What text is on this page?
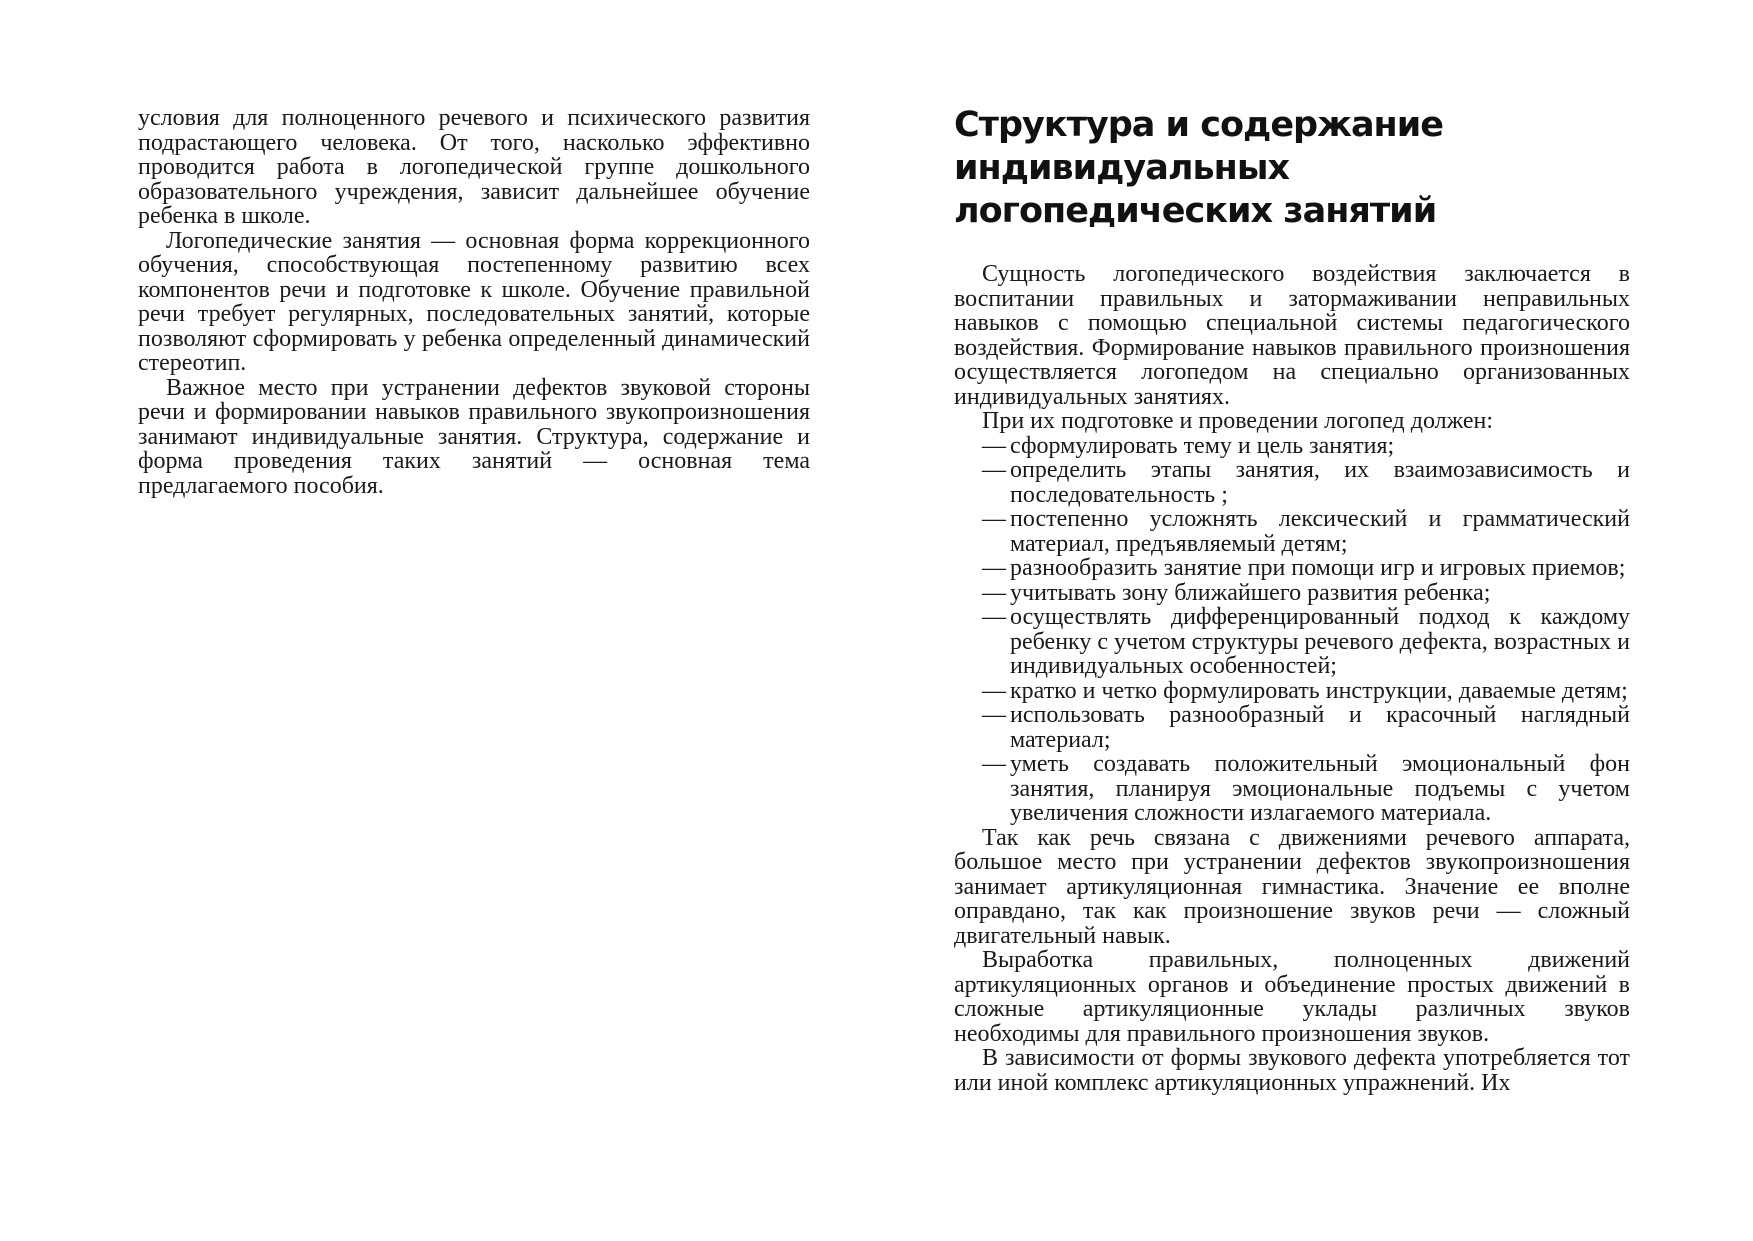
условия для полноценного речевого и психического развития подрастающего человека. От того, насколько эффективно проводится работа в логопедической группе дошкольного образовательного учреждения, зависит дальнейшее обучение ребенка в школе.

Логопедические занятия — основная форма коррекционного обучения, способствующая постепенному развитию всех компонентов речи и подготовке к школе. Обучение правильной речи требует регулярных, последовательных занятий, которые позволяют сформировать у ребенка определенный динамический стереотип.

Важное место при устранении дефектов звуковой стороны речи и формировании навыков правильного звукопроизношения занимают индивидуальные занятия. Структура, содержание и форма проведения таких занятий — основная тема предлагаемого пособия.

Структура и содержание
индивидуальных
логопедических занятий

Сущность логопедического воздействия заключается в воспитании правильных и затормаживании неправильных навыков с помощью специальной системы педагогического воздействия. Формирование навыков правильного произношения осуществляется логопедом на специально организованных индивидуальных занятиях.

При их подготовке и проведении логопед должен:

— сформулировать тему и цель занятия;
— определить этапы занятия, их взаимозависимость и последовательность ;
— постепенно усложнять лексический и грамматический материал, предъявляемый детям;
— разнообразить занятие при помощи игр и игровых приемов;
— учитывать зону ближайшего развития ребенка;
— осуществлять дифференцированный подход к каждому ребенку с учетом структуры речевого дефекта, возрастных и индивидуальных особенностей;
— кратко и четко формулировать инструкции, даваемые детям;
— использовать разнообразный и красочный наглядный материал;
— уметь создавать положительный эмоциональный фон занятия, планируя эмоциональные подъемы с учетом увеличения сложности излагаемого материала.

Так как речь связана с движениями речевого аппарата, большое место при устранении дефектов звукопроизношения занимает артикуляционная гимнастика. Значение ее вполне оправдано, так как произношение звуков речи — сложный двигательный навык.

Выработка правильных, полноценных движений артикуляционных органов и объединение простых движений в сложные артикуляционные уклады различных звуков необходимы для правильного произношения звуков.

В зависимости от формы звукового дефекта употребляется тот или иной комплекс артикуляционных упражнений. Их
